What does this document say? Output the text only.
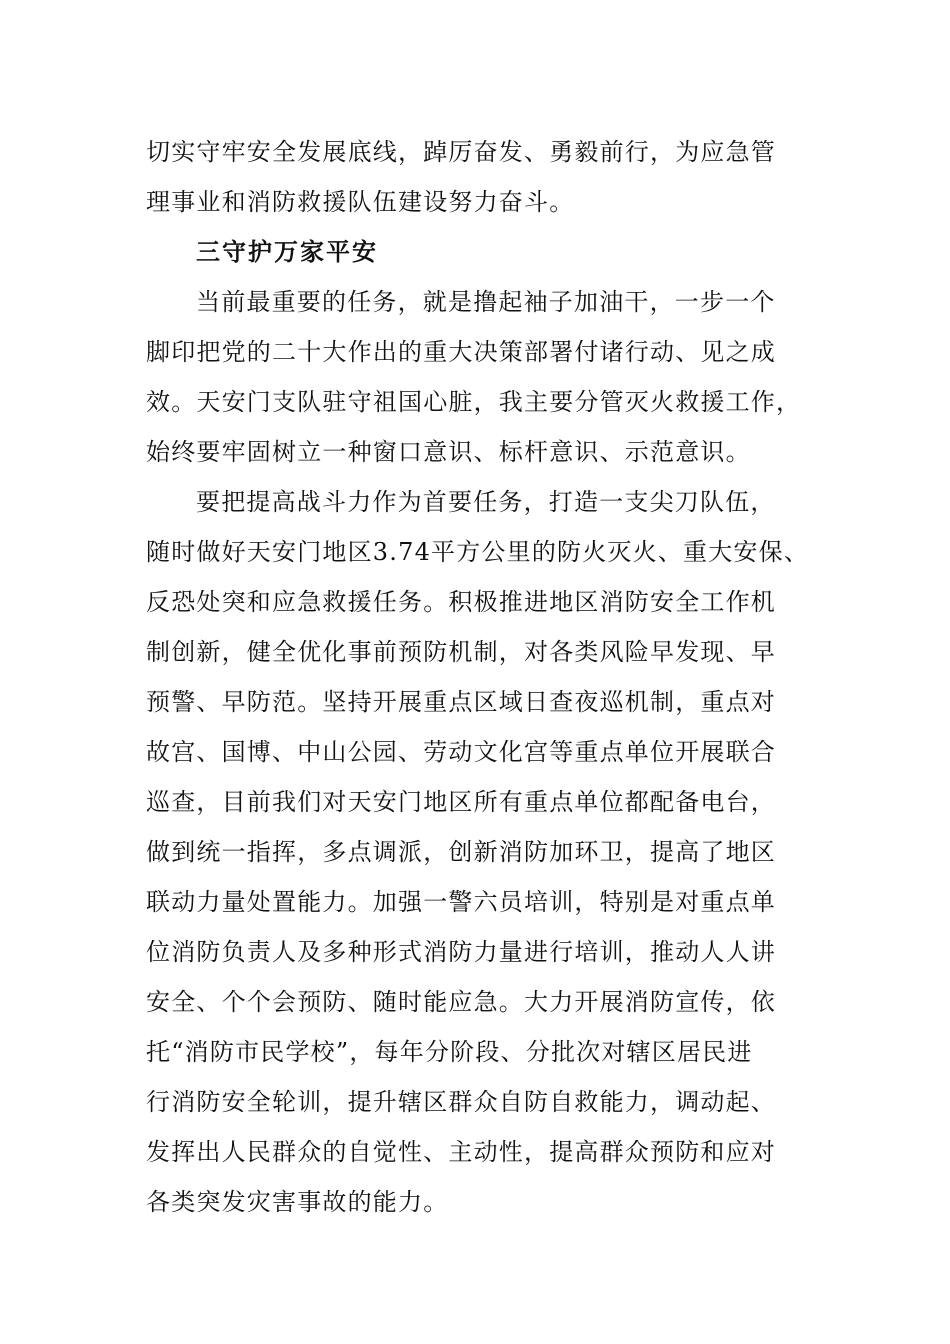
切实守牢安全发展底线，踔厉奋发、勇毅前行，为应急管
理事业和消防救援队伍建设努力奋斗。
三守护万家平安
当前最重要的任务，就是撸起袖子加油干，一步一个
脚印把党的二十大作出的重大决策部署付诸行动、见之成
效。天安门支队驻守祖国心脏，我主要分管灭火救援工作，
始终要牢固树立一种窗口意识、标杆意识、示范意识。
要把提高战斗力作为首要任务，打造一支尖刀队伍，
随时做好天安门地区3.74平方公里的防火灭火、重大安保、
反恐处突和应急救援任务。积极推进地区消防安全工作机
制创新，健全优化事前预防机制，对各类风险早发现、早
预警、早防范。坚持开展重点区域日查夜巡机制，重点对
故宫、国博、中山公园、劳动文化宫等重点单位开展联合
巡查，目前我们对天安门地区所有重点单位都配备电台，
做到统一指挥，多点调派，创新消防加环卫，提高了地区
联动力量处置能力。加强一警六员培训，特别是对重点单
位消防负责人及多种形式消防力量进行培训，推动人人讲
安全、个个会预防、随时能应急。大力开展消防宣传，依
托“消防市民学校”，每年分阶段、分批次对辖区居民进
行消防安全轮训，提升辖区群众自防自救能力，调动起、
发挥出人民群众的自觉性、主动性，提高群众预防和应对
各类突发灾害事故的能力。
